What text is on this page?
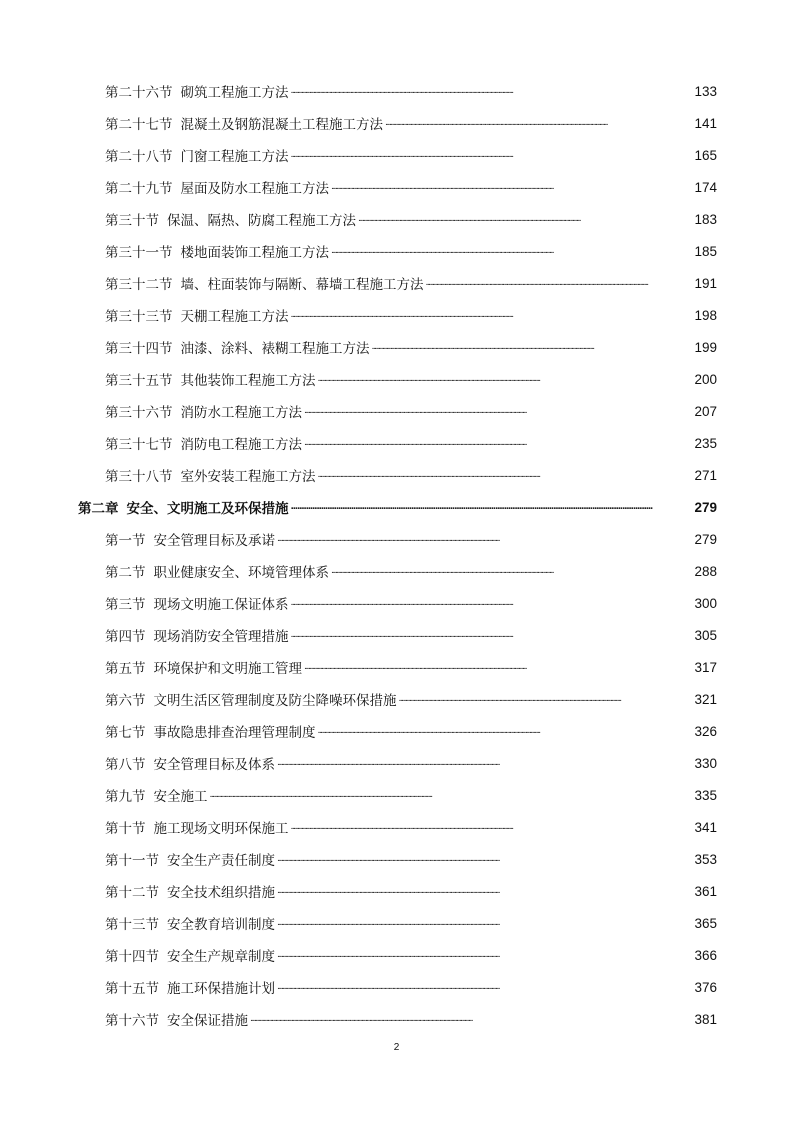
第二十六节 砌筑工程施工方法 . . .	133
第二十七节 混凝土及钢筋混凝土工程施工方法 . . .	141
第二十八节 门窗工程施工方法 . . .	165
第二十九节 屋面及防水工程施工方法 . . .	174
第三十节 保温、隔热、防腐工程施工方法 . . .	183
第三十一节 楼地面装饰工程施工方法 . . .	185
第三十二节 墙、柱面装饰与隔断、幕墙工程施工方法 . . .	191
第三十三节 天棚工程施工方法 . . .	198
第三十四节 油漆、涂料、裱糊工程施工方法 . . .	199
第三十五节 其他装饰工程施工方法 . . .	200
第三十六节 消防水工程施工方法 . . .	207
第三十七节 消防电工程施工方法 . . .	235
第三十八节 室外安装工程施工方法 . . .	271
第二章 安全、文明施工及环保措施 . . .	279
第一节 安全管理目标及承诺 . . .	279
第二节 职业健康安全、环境管理体系 . . .	288
第三节 现场文明施工保证体系 . . .	300
第四节 现场消防安全管理措施 . . .	305
第五节 环境保护和文明施工管理 . . .	317
第六节 文明生活区管理制度及防尘降噪环保措施 . . .	321
第七节 事故隐患排查治理管理制度 . . .	326
第八节 安全管理目标及体系 . . .	330
第九节 安全施工 . . .	335
第十节 施工现场文明环保施工 . . .	341
第十一节 安全生产责任制度 . . .	353
第十二节 安全技术组织措施 . . .	361
第十三节 安全教育培训制度 . . .	365
第十四节 安全生产规章制度 . . .	366
第十五节 施工环保措施计划 . . .	376
第十六节 安全保证措施 . . .	381
2
